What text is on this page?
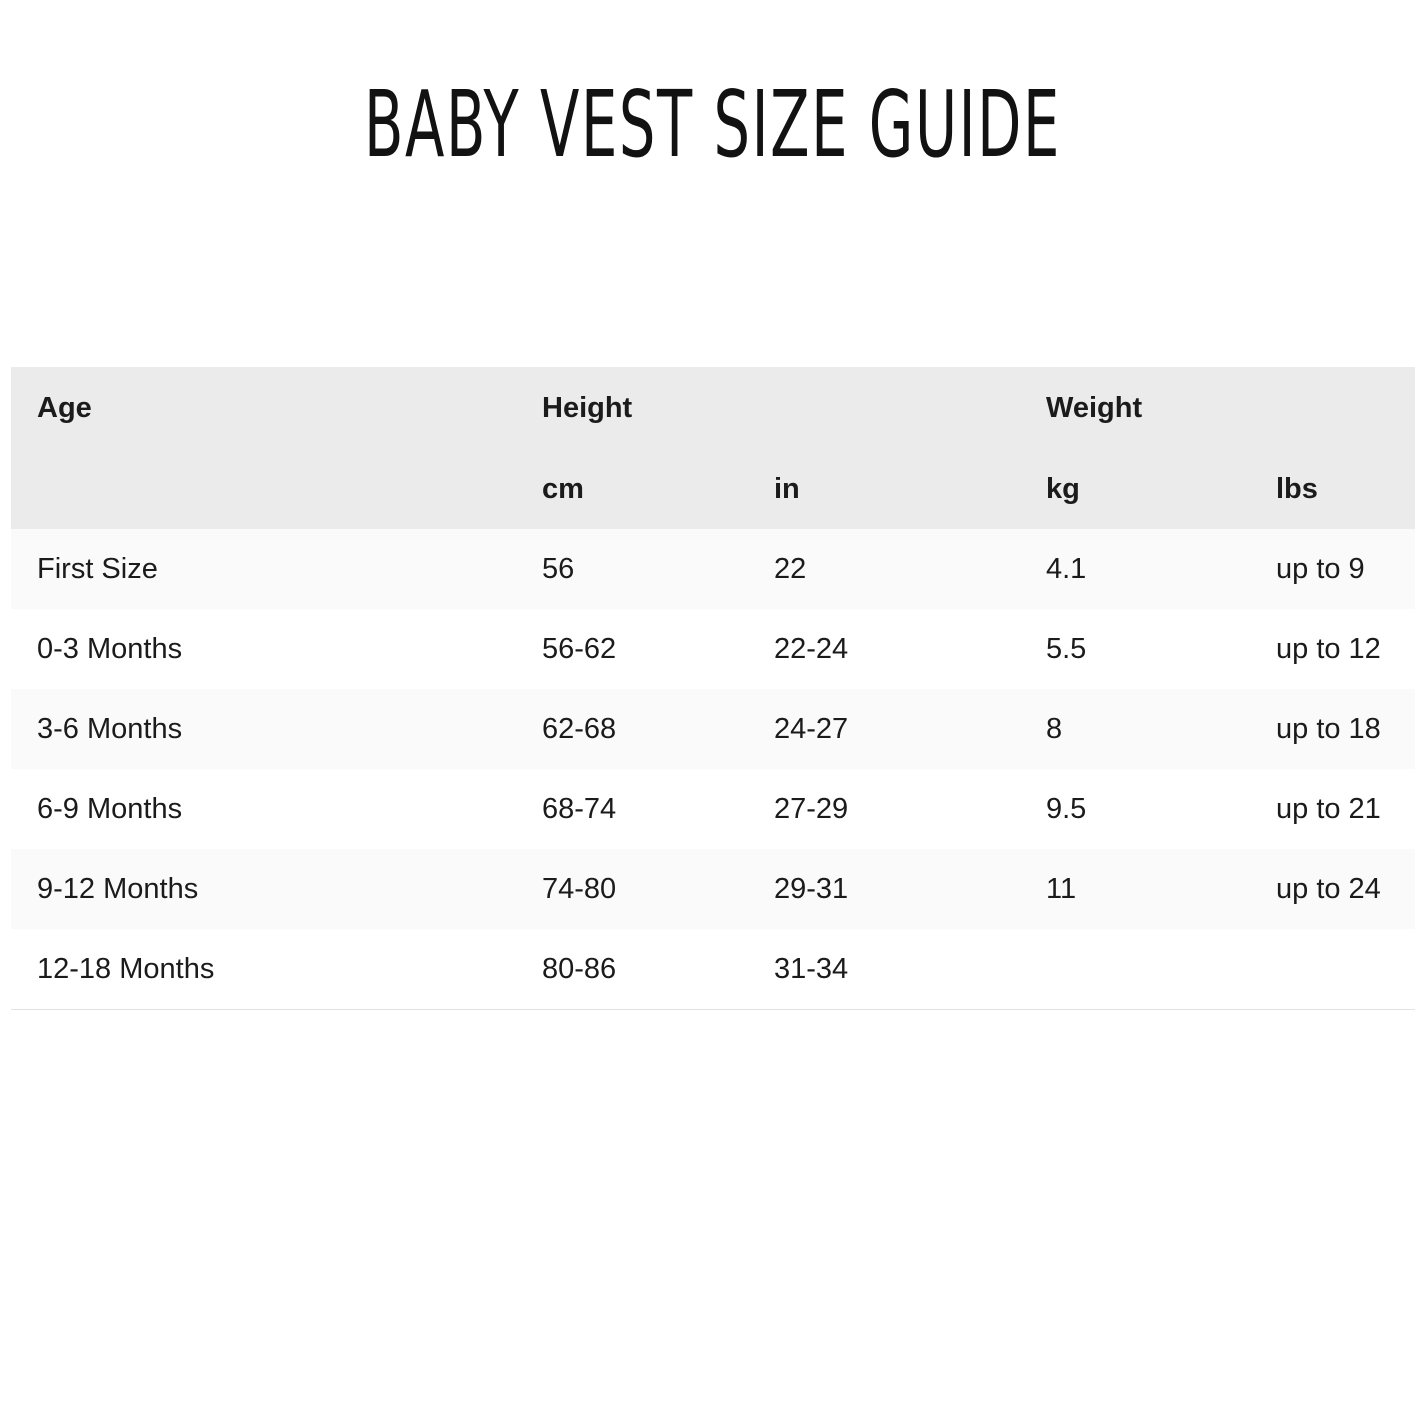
BABY VEST SIZE GUIDE
Age	Height		Weight	
	cm	in	kg	lbs
First Size	56	22	4.1	up to 9
0-3 Months	56-62	22-24	5.5	up to 12
3-6 Months	62-68	24-27	8	up to 18
6-9 Months	68-74	27-29	9.5	up to 21
9-12 Months	74-80	29-31	11	up to 24
12-18 Months	80-86	31-34		
